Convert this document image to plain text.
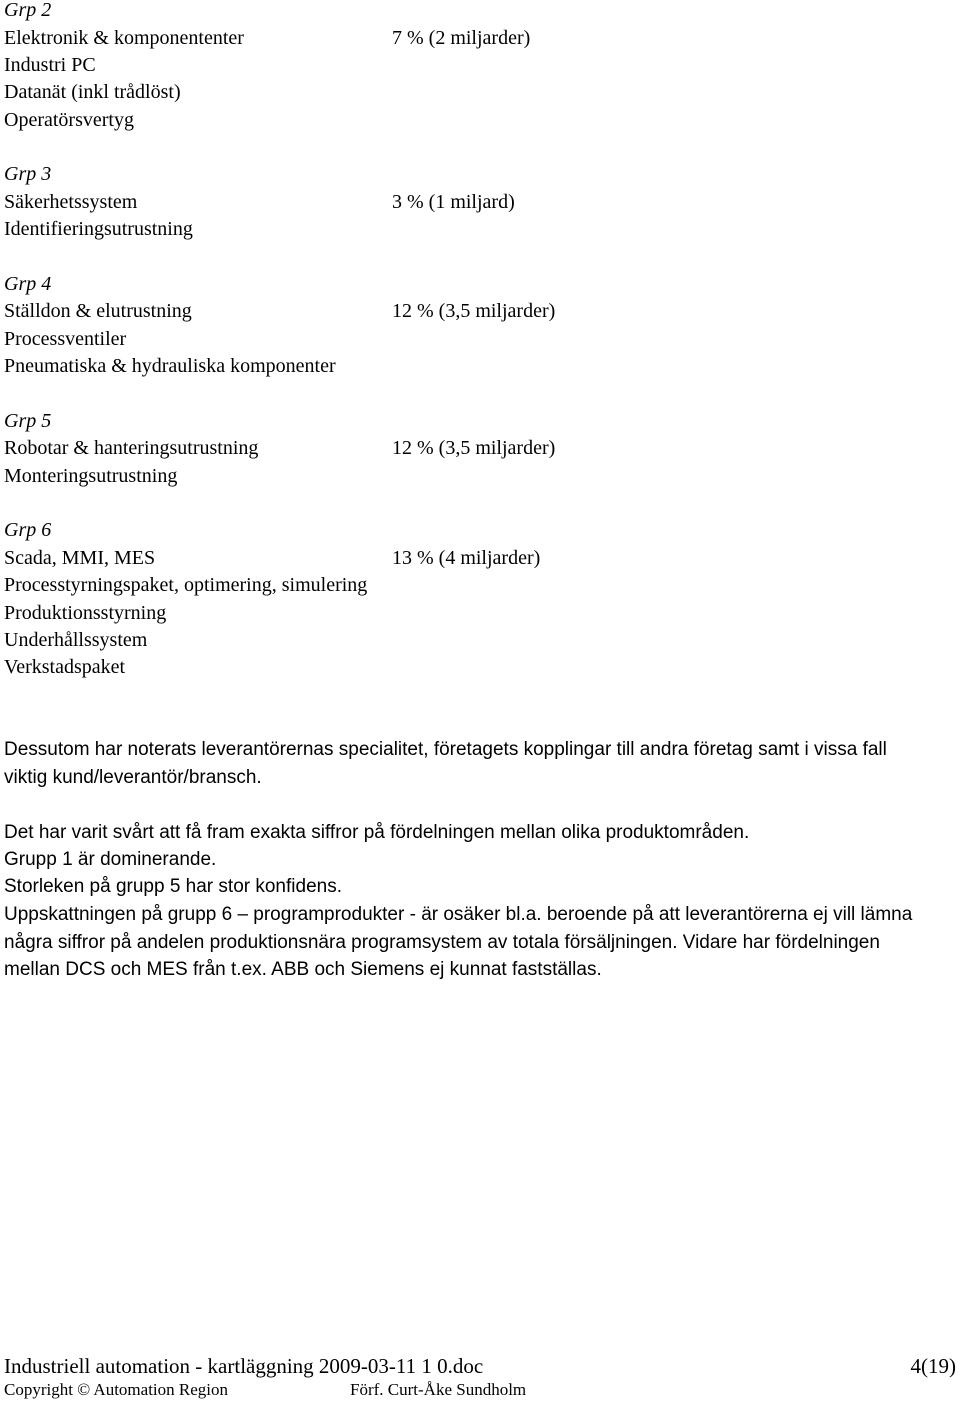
Grp 2
Elektronik & komponententer	7 % (2 miljarder)
Industri PC
Datanät (inkl trådlöst)
Operatörsvertyg
Grp 3
Säkerhetssystem	3 % (1 miljard)
Identifieringsutrustning
Grp 4
Ställdon & elutrustning	12 % (3,5 miljarder)
Processventiler
Pneumatiska & hydrauliska komponenter
Grp 5
Robotar & hanteringsutrustning	12 % (3,5 miljarder)
Monteringsutrustning
Grp 6
Scada, MMI, MES	13 % (4 miljarder)
Processtyrningspaket, optimering, simulering
Produktionsstyrning
Underhållssystem
Verkstadspaket
Dessutom har noterats leverantörernas specialitet, företagets kopplingar till andra företag samt i vissa fall viktig kund/leverantör/bransch.
Det har varit svårt att få fram exakta siffror på fördelningen mellan olika produktområden.
Grupp 1 är dominerande.
Storleken på grupp 5 har stor konfidens.
Uppskattningen på grupp 6 – programprodukter - är osäker bl.a. beroende på att leverantörerna ej vill lämna några siffror på andelen produktionsnära programsystem av totala försäljningen. Vidare har fördelningen mellan DCS och MES från t.ex. ABB och Siemens ej kunnat fastställas.
Industriell automation - kartläggning 2009-03-11 1 0.doc	4(19)
Copyright © Automation Region	Förf. Curt-Åke Sundholm
